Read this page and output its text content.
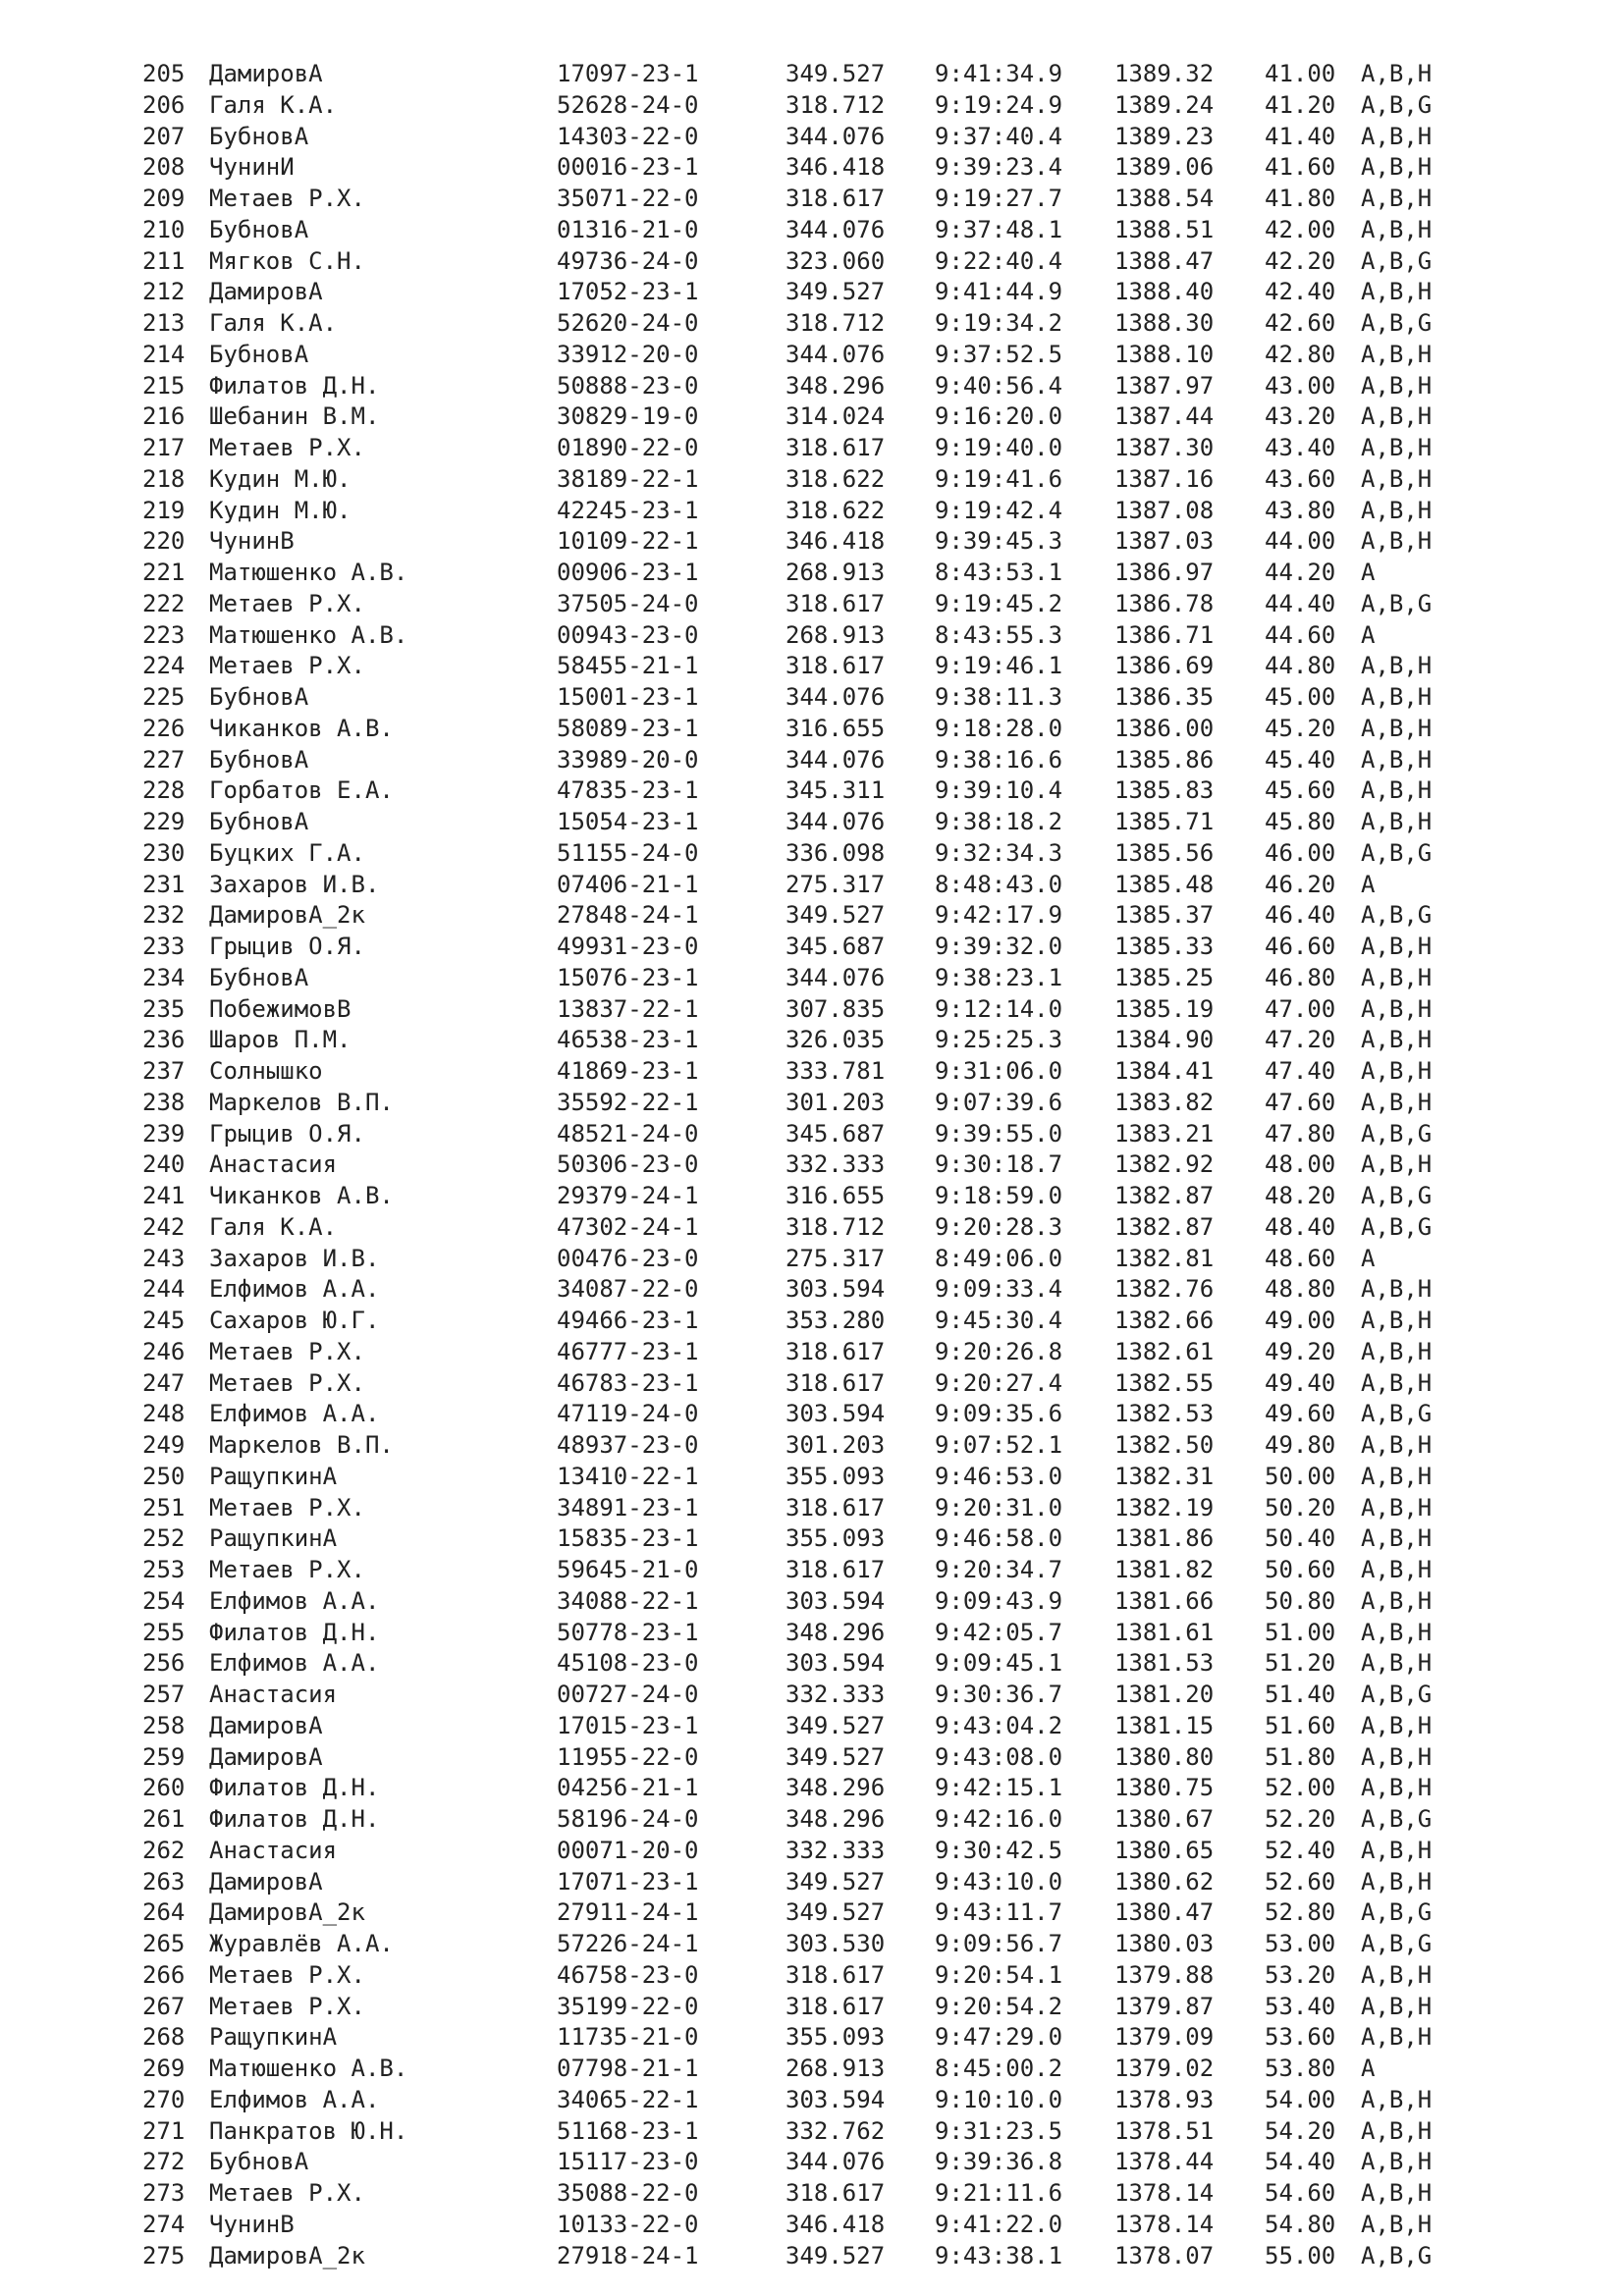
205 ДамировА	17097-23-1	349.527 9:41:34.9 1389.32 41.00 A,B,H
206 Галя К.А.	52628-24-0	318.712 9:19:24.9 1389.24 41.20 A,B,G
207 БубновА	14303-22-0	344.076 9:37:40.4 1389.23 41.40 A,B,H
208 ЧунинИ	00016-23-1	346.418 9:39:23.4 1389.06 41.60 A,B,H
209 Метаев Р.Х.	35071-22-0	318.617 9:19:27.7 1388.54 41.80 A,B,H
210 БубновА	01316-21-0	344.076 9:37:48.1 1388.51 42.00 A,B,H
211 Мягков С.Н.	49736-24-0	323.060 9:22:40.4 1388.47 42.20 A,B,G
212 ДамировА	17052-23-1	349.527 9:41:44.9 1388.40 42.40 A,B,H
213 Галя К.А.	52620-24-0	318.712 9:19:34.2 1388.30 42.60 A,B,G
214 БубновА	33912-20-0	344.076 9:37:52.5 1388.10 42.80 A,B,H
215 Филатов Д.Н.	50888-23-0	348.296 9:40:56.4 1387.97 43.00 A,B,H
216 Шебанин В.М.	30829-19-0	314.024 9:16:20.0 1387.44 43.20 A,B,H
217 Метаев Р.Х.	01890-22-0	318.617 9:19:40.0 1387.30 43.40 A,B,H
218 Кудин М.Ю.	38189-22-1	318.622 9:19:41.6 1387.16 43.60 A,B,H
219 Кудин М.Ю.	42245-23-1	318.622 9:19:42.4 1387.08 43.80 A,B,H
220 ЧунинВ	10109-22-1	346.418 9:39:45.3 1387.03 44.00 A,B,H
221 Матюшенко А.В.	00906-23-1	268.913 8:43:53.1 1386.97 44.20 A
222 Метаев Р.Х.	37505-24-0	318.617 9:19:45.2 1386.78 44.40 A,B,G
223 Матюшенко А.В.	00943-23-0	268.913 8:43:55.3 1386.71 44.60 A
224 Метаев Р.Х.	58455-21-1	318.617 9:19:46.1 1386.69 44.80 A,B,H
225 БубновА	15001-23-1	344.076 9:38:11.3 1386.35 45.00 A,B,H
226 Чиканков А.В.	58089-23-1	316.655 9:18:28.0 1386.00 45.20 A,B,H
227 БубновА	33989-20-0	344.076 9:38:16.6 1385.86 45.40 A,B,H
228 Горбатов Е.А.	47835-23-1	345.311 9:39:10.4 1385.83 45.60 A,B,H
229 БубновА	15054-23-1	344.076 9:38:18.2 1385.71 45.80 A,B,H
230 Буцких Г.А.	51155-24-0	336.098 9:32:34.3 1385.56 46.00 A,B,G
231 Захаров И.В.	07406-21-1	275.317 8:48:43.0 1385.48 46.20 A
232 ДамировА_2к	27848-24-1	349.527 9:42:17.9 1385.37 46.40 A,B,G
233 Грыцив О.Я.	49931-23-0	345.687 9:39:32.0 1385.33 46.60 A,B,H
234 БубновА	15076-23-1	344.076 9:38:23.1 1385.25 46.80 A,B,H
235 ПобежимовВ	13837-22-1	307.835 9:12:14.0 1385.19 47.00 A,B,H
236 Шаров П.М.	46538-23-1	326.035 9:25:25.3 1384.90 47.20 A,B,H
237 Солнышко	41869-23-1	333.781 9:31:06.0 1384.41 47.40 A,B,H
238 Маркелов В.П.	35592-22-1	301.203 9:07:39.6 1383.82 47.60 A,B,H
239 Грыцив О.Я.	48521-24-0	345.687 9:39:55.0 1383.21 47.80 A,B,G
240 Анастасия	50306-23-0	332.333 9:30:18.7 1382.92 48.00 A,B,H
241 Чиканков А.В.	29379-24-1	316.655 9:18:59.0 1382.87 48.20 A,B,G
242 Галя К.А.	47302-24-1	318.712 9:20:28.3 1382.87 48.40 A,B,G
243 Захаров И.В.	00476-23-0	275.317 8:49:06.0 1382.81 48.60 A
244 Елфимов А.А.	34087-22-0	303.594 9:09:33.4 1382.76 48.80 A,B,H
245 Сахаров Ю.Г.	49466-23-1	353.280 9:45:30.4 1382.66 49.00 A,B,H
246 Метаев Р.Х.	46777-23-1	318.617 9:20:26.8 1382.61 49.20 A,B,H
247 Метаев Р.Х.	46783-23-1	318.617 9:20:27.4 1382.55 49.40 A,B,H
248 Елфимов А.А.	47119-24-0	303.594 9:09:35.6 1382.53 49.60 A,B,G
249 Маркелов В.П.	48937-23-0	301.203 9:07:52.1 1382.50 49.80 A,B,H
250 РащупкинА	13410-22-1	355.093 9:46:53.0 1382.31 50.00 A,B,H
251 Метаев Р.Х.	34891-23-1	318.617 9:20:31.0 1382.19 50.20 A,B,H
252 РащупкинА	15835-23-1	355.093 9:46:58.0 1381.86 50.40 A,B,H
253 Метаев Р.Х.	59645-21-0	318.617 9:20:34.7 1381.82 50.60 A,B,H
254 Елфимов А.А.	34088-22-1	303.594 9:09:43.9 1381.66 50.80 A,B,H
255 Филатов Д.Н.	50778-23-1	348.296 9:42:05.7 1381.61 51.00 A,B,H
256 Елфимов А.А.	45108-23-0	303.594 9:09:45.1 1381.53 51.20 A,B,H
257 Анастасия	00727-24-0	332.333 9:30:36.7 1381.20 51.40 A,B,G
258 ДамировА	17015-23-1	349.527 9:43:04.2 1381.15 51.60 A,B,H
259 ДамировА	11955-22-0	349.527 9:43:08.0 1380.80 51.80 A,B,H
260 Филатов Д.Н.	04256-21-1	348.296 9:42:15.1 1380.75 52.00 A,B,H
261 Филатов Д.Н.	58196-24-0	348.296 9:42:16.0 1380.67 52.20 A,B,G
262 Анастасия	00071-20-0	332.333 9:30:42.5 1380.65 52.40 A,B,H
263 ДамировА	17071-23-1	349.527 9:43:10.0 1380.62 52.60 A,B,H
264 ДамировА_2к	27911-24-1	349.527 9:43:11.7 1380.47 52.80 A,B,G
265 Журавлёв А.А.	57226-24-1	303.530 9:09:56.7 1380.03 53.00 A,B,G
266 Метаев Р.Х.	46758-23-0	318.617 9:20:54.1 1379.88 53.20 A,B,H
267 Метаев Р.Х.	35199-22-0	318.617 9:20:54.2 1379.87 53.40 A,B,H
268 РащупкинА	11735-21-0	355.093 9:47:29.0 1379.09 53.60 A,B,H
269 Матюшенко А.В.	07798-21-1	268.913 8:45:00.2 1379.02 53.80 A
270 Елфимов А.А.	34065-22-1	303.594 9:10:10.0 1378.93 54.00 A,B,H
271 Панкратов Ю.Н.	51168-23-1	332.762 9:31:23.5 1378.51 54.20 A,B,H
272 БубновА	15117-23-0	344.076 9:39:36.8 1378.44 54.40 A,B,H
273 Метаев Р.Х.	35088-22-0	318.617 9:21:11.6 1378.14 54.60 A,B,H
274 ЧунинВ	10133-22-0	346.418 9:41:22.0 1378.14 54.80 A,B,H
275 ДамировА_2к	27918-24-1	349.527 9:43:38.1 1378.07 55.00 A,B,G
